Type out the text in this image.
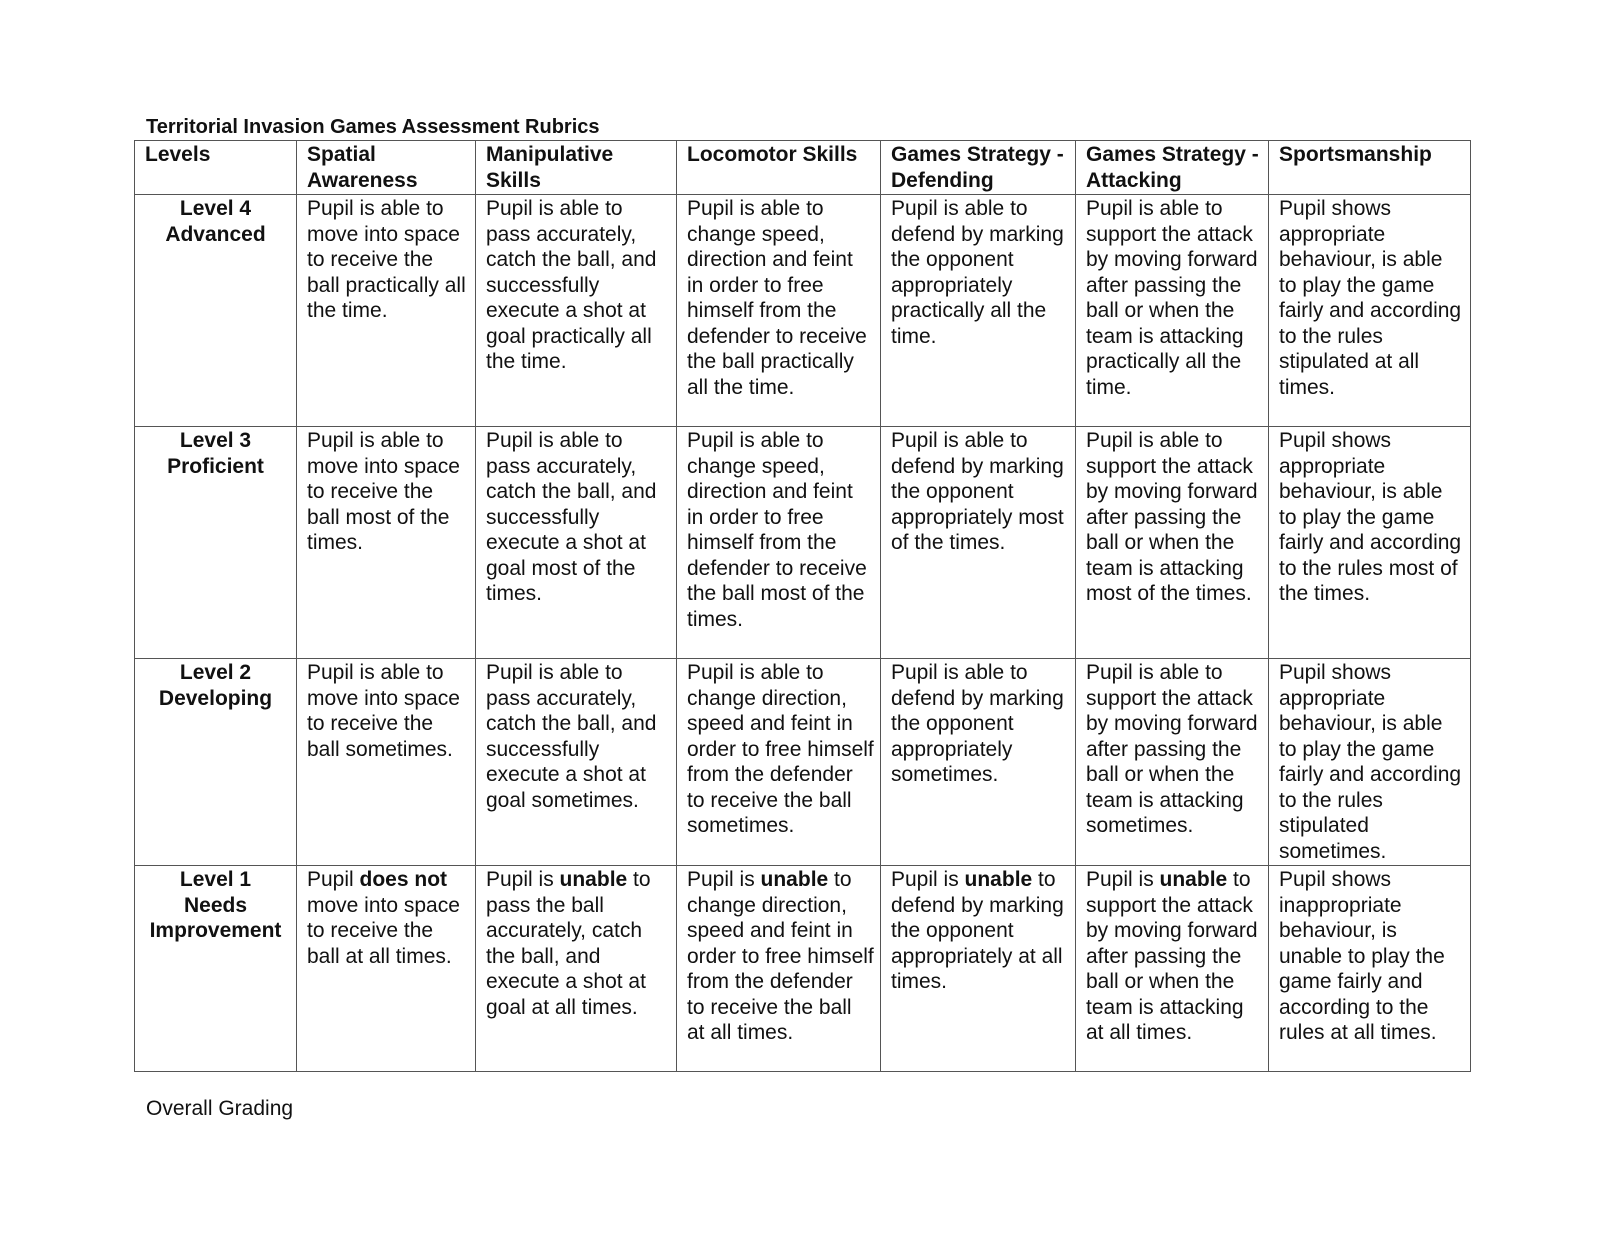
Territorial Invasion Games Assessment Rubrics
Levels	Spatial Awareness	Manipulative Skills	Locomotor Skills	Games Strategy - Defending	Games Strategy - Attacking	Sportsmanship

Level 4
Advanced	Pupil is able to move into space to receive the ball practically all the time.	Pupil is able to pass accurately, catch the ball, and successfully execute a shot at goal practically all the time.	Pupil is able to change speed, direction and feint in order to free himself from the defender to receive the ball practically all the time.	Pupil is able to defend by marking the opponent appropriately practically all the time.	Pupil is able to support the attack by moving forward after passing the ball or when the team is attacking practically all the time.	Pupil shows appropriate behaviour, is able to play the game fairly and according to the rules stipulated at all times.

Level 3
Proficient	Pupil is able to move into space to receive the ball most of the times.	Pupil is able to pass accurately, catch the ball, and successfully execute a shot at goal most of the times.	Pupil is able to change speed, direction and feint in order to free himself from the defender to receive the ball most of the times.	Pupil is able to defend by marking the opponent appropriately most of the times.	Pupil is able to support the attack by moving forward after passing the ball or when the team is attacking most of the times.	Pupil shows appropriate behaviour, is able to play the game fairly and according to the rules most of the times.

Level 2
Developing	Pupil is able to move into space to receive the ball sometimes.	Pupil is able to pass accurately, catch the ball, and successfully execute a shot at goal sometimes.	Pupil is able to change direction, speed and feint in order to free himself from the defender to receive the ball sometimes.	Pupil is able to defend by marking the opponent appropriately sometimes.	Pupil is able to support the attack by moving forward after passing the ball or when the team is attacking sometimes.	Pupil shows appropriate behaviour, is able to play the game fairly and according to the rules stipulated sometimes.

Level 1
Needs
Improvement	Pupil does not move into space to receive the ball at all times.	Pupil is unable to pass the ball accurately, catch the ball, and execute a shot at goal at all times.	Pupil is unable to change direction, speed and feint in order to free himself from the defender to receive the ball at all times.	Pupil is unable to defend by marking the opponent appropriately at all times.	Pupil is unable to support the attack by moving forward after passing the ball or when the team is attacking at all times.	Pupil shows inappropriate behaviour, is unable to play the game fairly and according to the rules at all times.
Overall Grading
